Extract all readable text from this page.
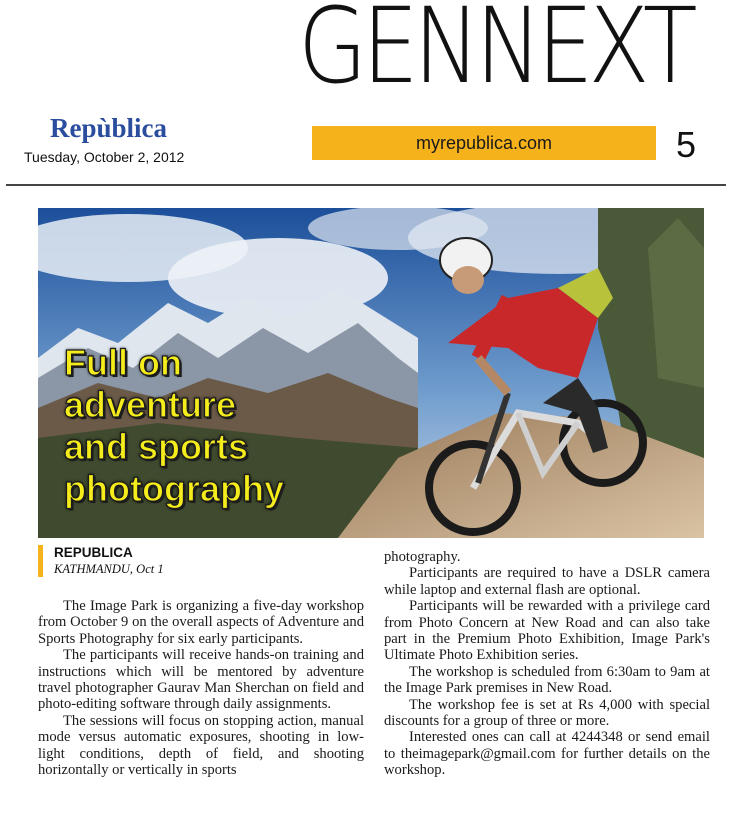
GENNEXT
Repùblica
Tuesday, October 2, 2012
myrepublica.com	5
Full on
adventure
and sports
photography
REPUBLICA
KATHMANDU, Oct 1

The Image Park is organizing a five-day workshop from October 9 on the overall aspects of Adventure and Sports Photography for six early participants.

The participants will receive hands-on training and instructions which will be mentored by adventure travel photographer Gaurav Man Sherchan on field and photo-editing software through daily assignments.

The sessions will focus on stopping action, manual mode versus automatic exposures, shooting in low-light conditions, depth of field, and shooting horizontally or vertically in sports

photography.

Participants are required to have a DSLR camera while laptop and external flash are optional.

Participants will be rewarded with a privilege card from Photo Concern at New Road and can also take part in the Premium Photo Exhibition, Image Park's Ultimate Photo Exhibition series.

The workshop is scheduled from 6:30am to 9am at the Image Park premises in New Road.

The workshop fee is set at Rs 4,000 with special discounts for a group of three or more.

Interested ones can call at 4244348 or send email to theimagepark@gmail.com for further details on the workshop.
